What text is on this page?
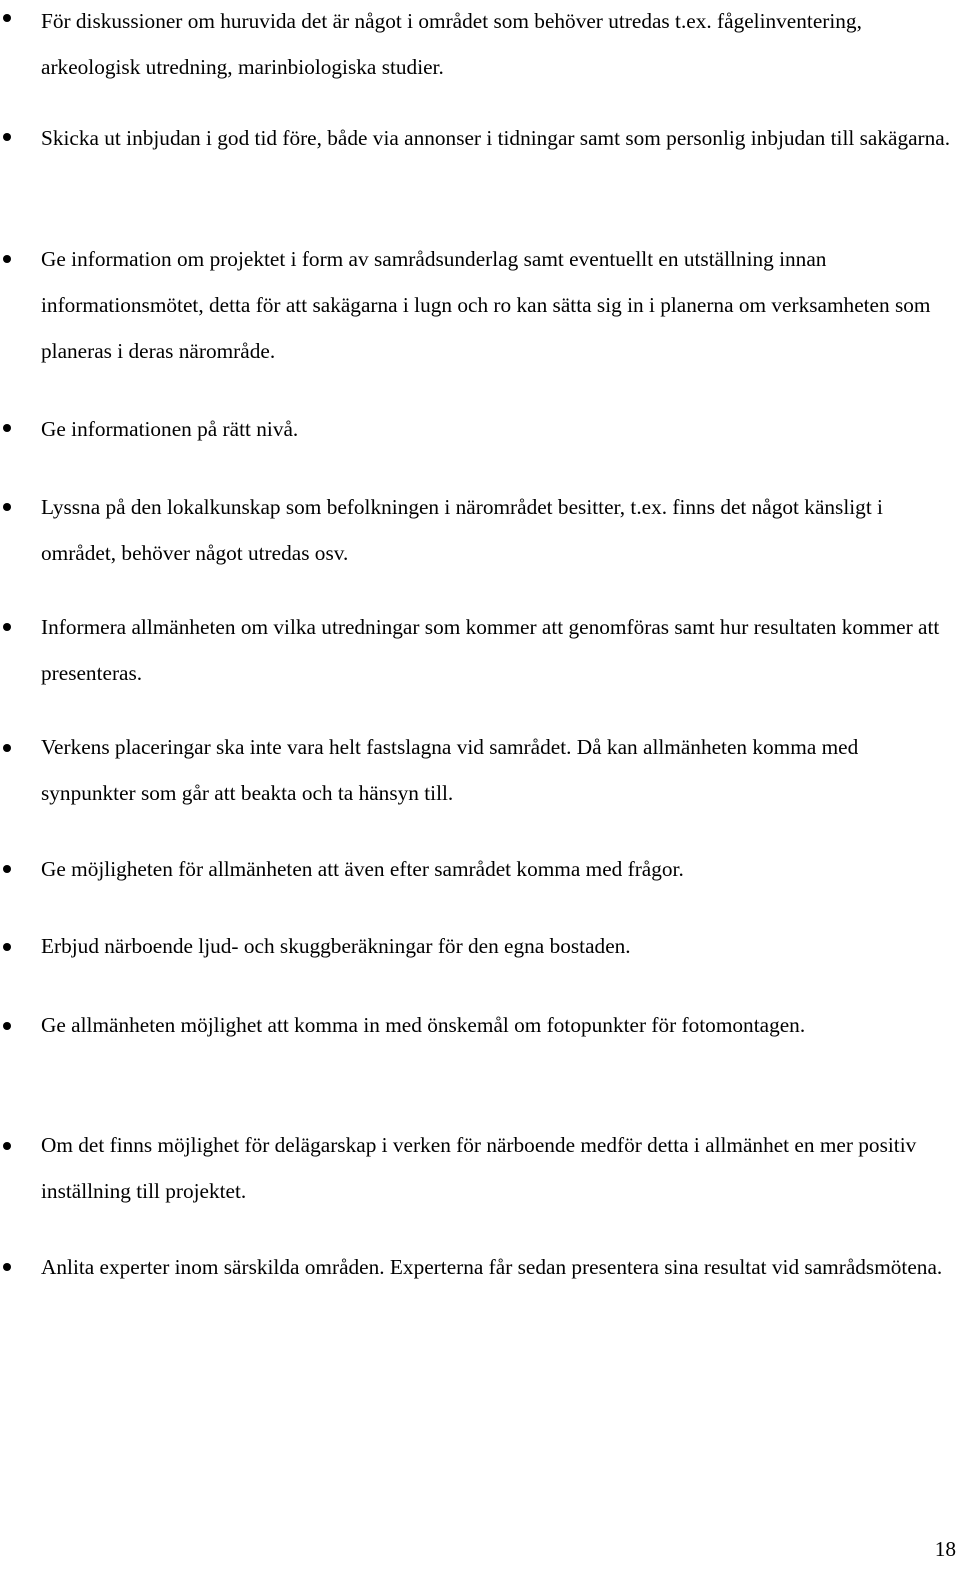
För diskussioner om huruvida det är något i området som behöver utredas t.ex. fågelinventering, arkeologisk utredning, marinbiologiska studier.

Skicka ut inbjudan i god tid före, både via annonser i tidningar samt som personlig inbjudan till sakägarna.

Ge information om projektet i form av samrådsunderlag samt eventuellt en utställning innan informationsmötet, detta för att sakägarna i lugn och ro kan sätta sig in i planerna om verksamheten som planeras i deras närområde.

Ge informationen på rätt nivå.

Lyssna på den lokalkunskap som befolkningen i närområdet besitter, t.ex. finns det något känsligt i området, behöver något utredas osv.

Informera allmänheten om vilka utredningar som kommer att genomföras samt hur resultaten kommer att presenteras.

Verkens placeringar ska inte vara helt fastslagna vid samrådet. Då kan allmänheten komma med synpunkter som går att beakta och ta hänsyn till.

Ge möjligheten för allmänheten att även efter samrådet komma med frågor.

Erbjud närboende ljud- och skuggberäkningar för den egna bostaden.

Ge allmänheten möjlighet att komma in med önskemål om fotopunkter för fotomontagen.

Om det finns möjlighet för delägarskap i verken för närboende medför detta i allmänhet en mer positiv inställning till projektet.

Anlita experter inom särskilda områden. Experterna får sedan presentera sina resultat vid samrådsmötena.

18
